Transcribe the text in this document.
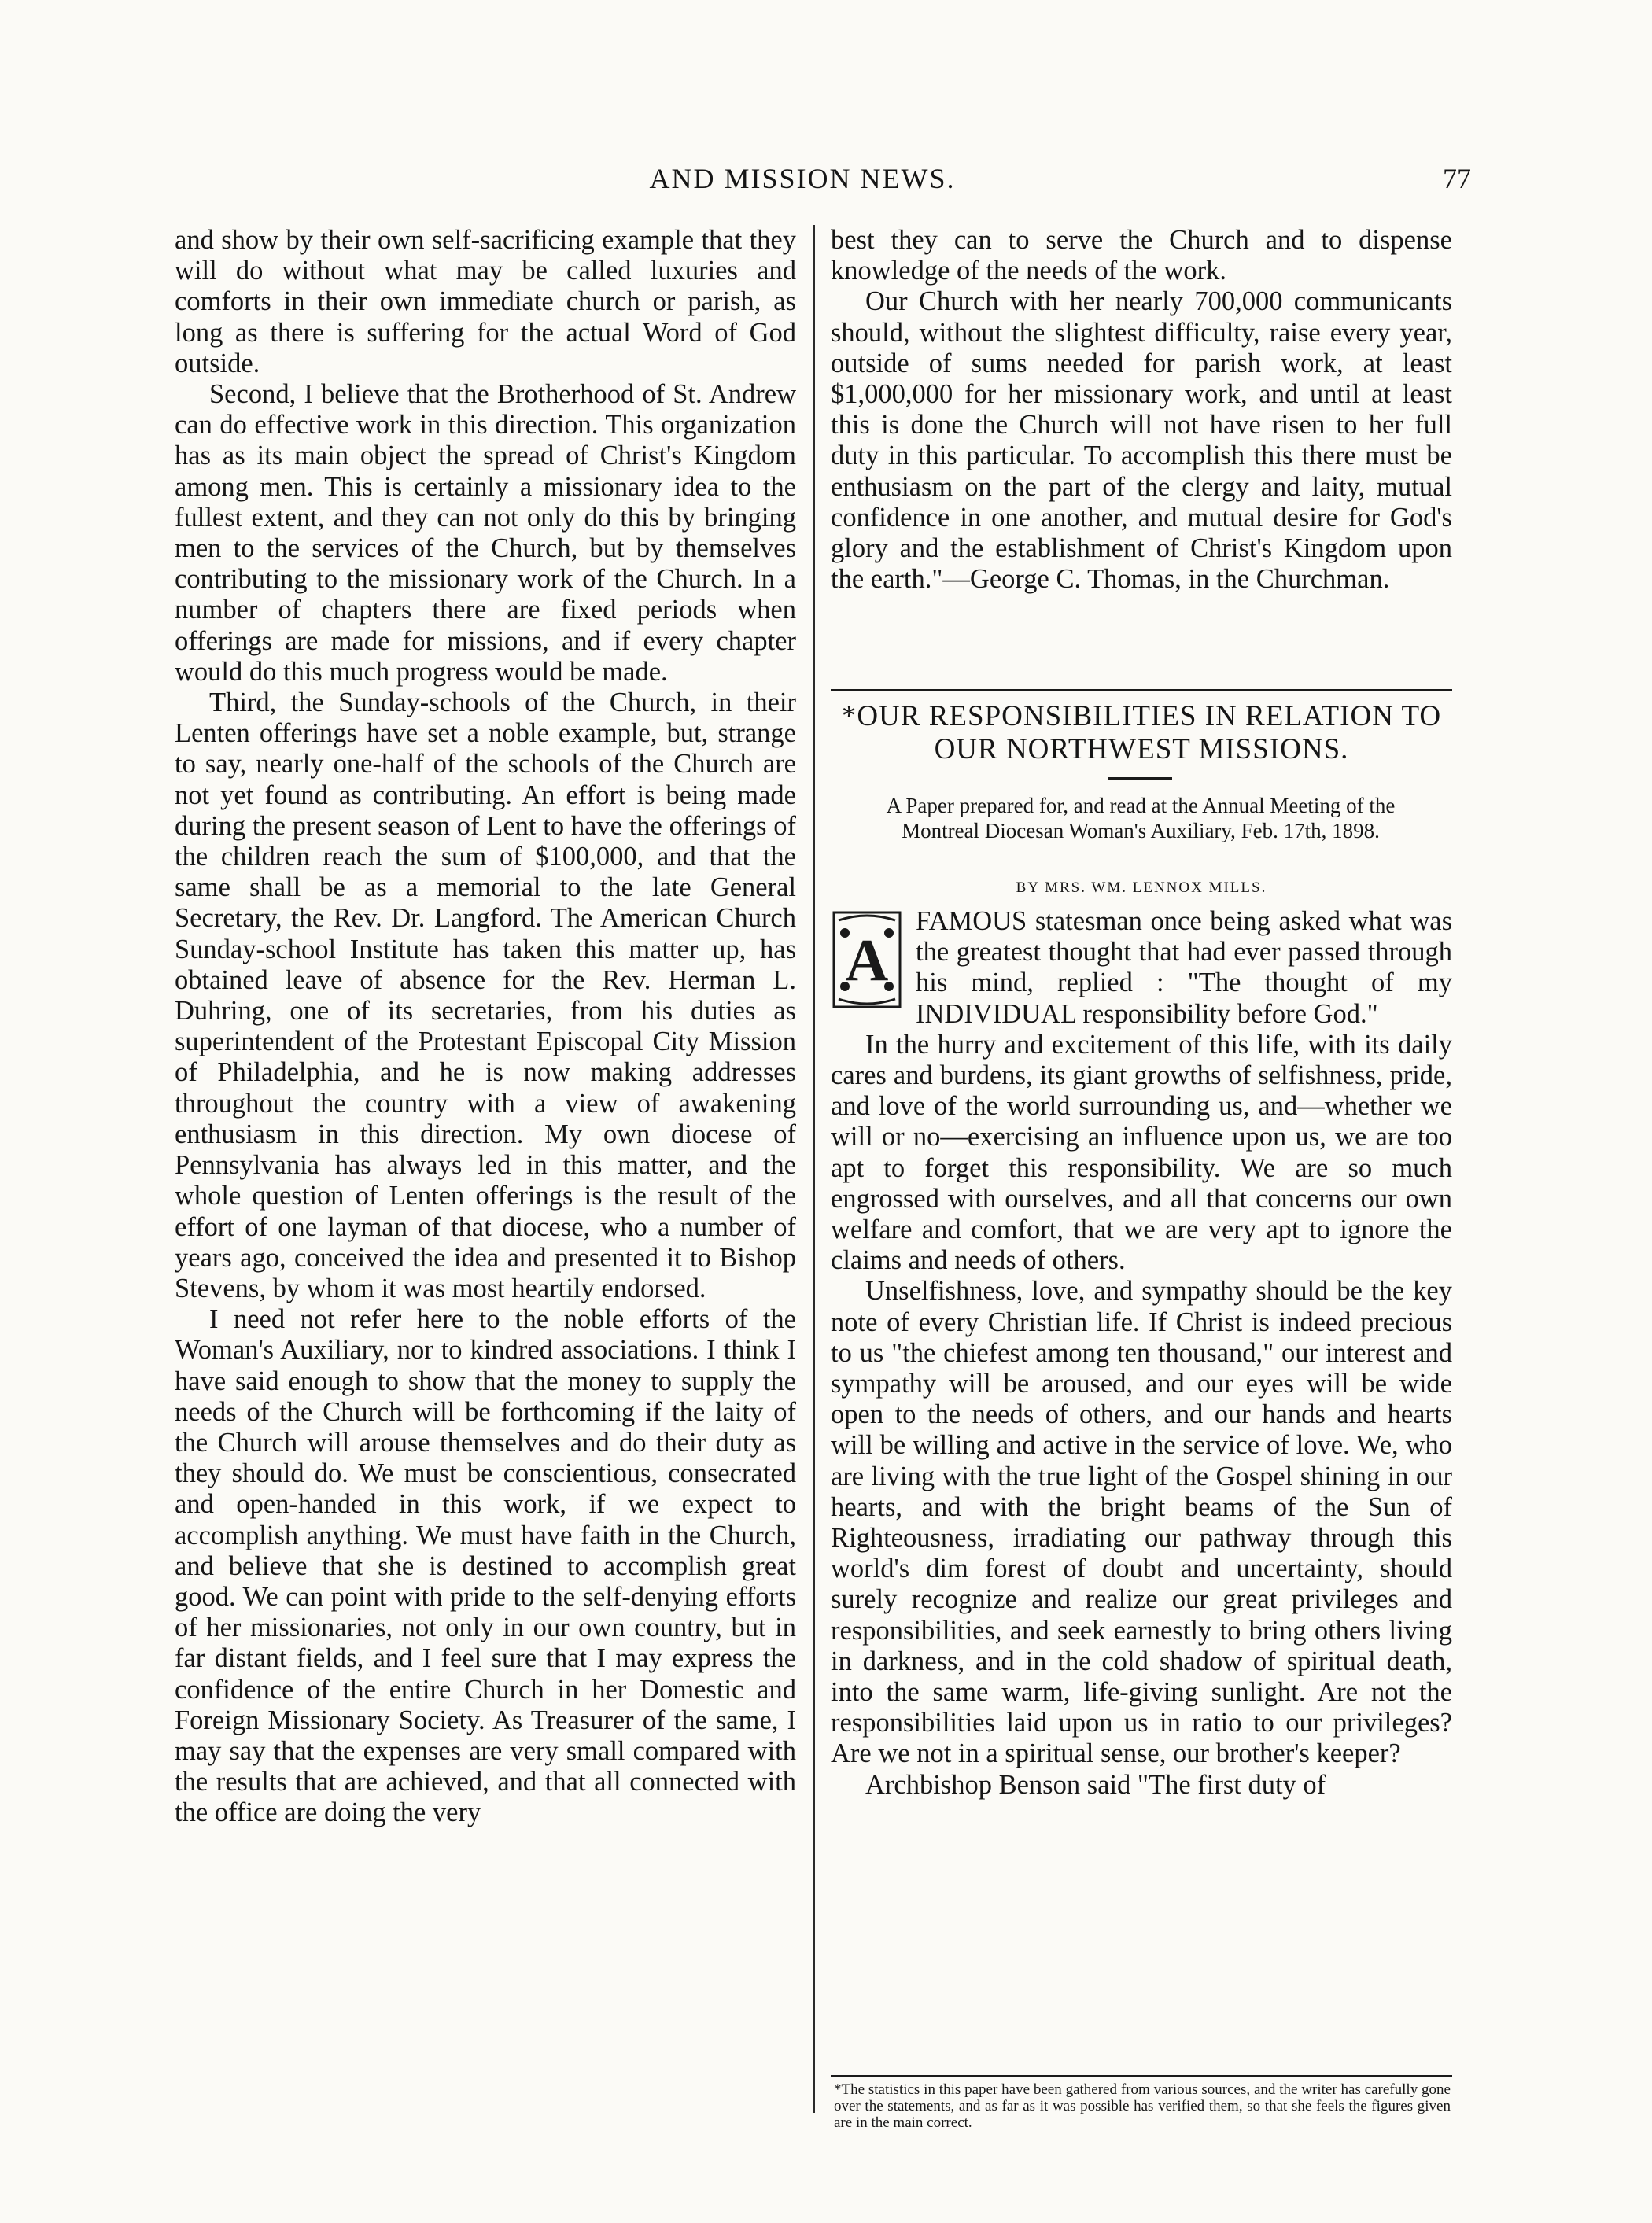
AND MISSION NEWS.	77

and show by their own self-sacrificing example that they will do without what may be called luxuries and comforts in their own immediate church or parish, as long as there is suffering for the actual Word of God outside.

Second, I believe that the Brotherhood of St. Andrew can do effective work in this direction. This organization has as its main object the spread of Christ's Kingdom among men. This is certainly a missionary idea to the fullest extent, and they can not only do this by bringing men to the services of the Church, but by themselves contributing to the missionary work of the Church. In a number of chapters there are fixed periods when offerings are made for missions, and if every chapter would do this much progress would be made.

Third, the Sunday-schools of the Church, in their Lenten offerings have set a noble example, but, strange to say, nearly one-half of the schools of the Church are not yet found as contributing. An effort is being made during the present season of Lent to have the offerings of the children reach the sum of $100,000, and that the same shall be as a memorial to the late General Secretary, the Rev. Dr. Langford. The American Church Sunday-school Institute has taken this matter up, has obtained leave of absence for the Rev. Herman L. Duhring, one of its secretaries, from his duties as superintendent of the Protestant Episcopal City Mission of Philadelphia, and he is now making addresses throughout the country with a view of awakening enthusiasm in this direction. My own diocese of Pennsylvania has always led in this matter, and the whole question of Lenten offerings is the result of the effort of one layman of that diocese, who a number of years ago, conceived the idea and presented it to Bishop Stevens, by whom it was most heartily endorsed.

I need not refer here to the noble efforts of the Woman's Auxiliary, nor to kindred associations. I think I have said enough to show that the money to supply the needs of the Church will be forthcoming if the laity of the Church will arouse themselves and do their duty as they should do. We must be conscientious, consecrated and open-handed in this work, if we expect to accomplish anything. We must have faith in the Church, and believe that she is destined to accomplish great good. We can point with pride to the self-denying efforts of her missionaries, not only in our own country, but in far distant fields, and I feel sure that I may express the confidence of the entire Church in her Domestic and Foreign Missionary Society. As Treasurer of the same, I may say that the expenses are very small compared with the results that are achieved, and that all connected with the office are doing the very

best they can to serve the Church and to dispense knowledge of the needs of the work.

Our Church with her nearly 700,000 communicants should, without the slightest difficulty, raise every year, outside of sums needed for parish work, at least $1,000,000 for her missionary work, and until at least this is done the Church will not have risen to her full duty in this particular. To accomplish this there must be enthusiasm on the part of the clergy and laity, mutual confidence in one another, and mutual desire for God's glory and the establishment of Christ's Kingdom upon the earth."—George C. Thomas, in the Churchman.

*OUR RESPONSIBILITIES IN RELATION TO OUR NORTHWEST MISSIONS.
A Paper prepared for, and read at the Annual Meeting of the Montreal Diocesan Woman's Auxiliary, Feb. 17th, 1898.
BY MRS. WM. LENNOX MILLS.

A
FAMOUS statesman once being asked what was the greatest thought that had ever passed through his mind, replied : "The thought of my INDIVIDUAL responsibility before God."

In the hurry and excitement of this life, with its daily cares and burdens, its giant growths of selfishness, pride, and love of the world surrounding us, and—whether we will or no—exercising an influence upon us, we are too apt to forget this responsibility. We are so much engrossed with ourselves, and all that concerns our own welfare and comfort, that we are very apt to ignore the claims and needs of others.

Unselfishness, love, and sympathy should be the key note of every Christian life. If Christ is indeed precious to us "the chiefest among ten thousand," our interest and sympathy will be aroused, and our eyes will be wide open to the needs of others, and our hands and hearts will be willing and active in the service of love. We, who are living with the true light of the Gospel shining in our hearts, and with the bright beams of the Sun of Righteousness, irradiating our pathway through this world's dim forest of doubt and uncertainty, should surely recognize and realize our great privileges and responsibilities, and seek earnestly to bring others living in darkness, and in the cold shadow of spiritual death, into the same warm, life-giving sunlight. Are not the responsibilities laid upon us in ratio to our privileges? Are we not in a spiritual sense, our brother's keeper?

Archbishop Benson said "The first duty of

*The statistics in this paper have been gathered from various sources, and the writer has carefully gone over the statements, and as far as it was possible has verified them, so that she feels the figures given are in the main correct.
